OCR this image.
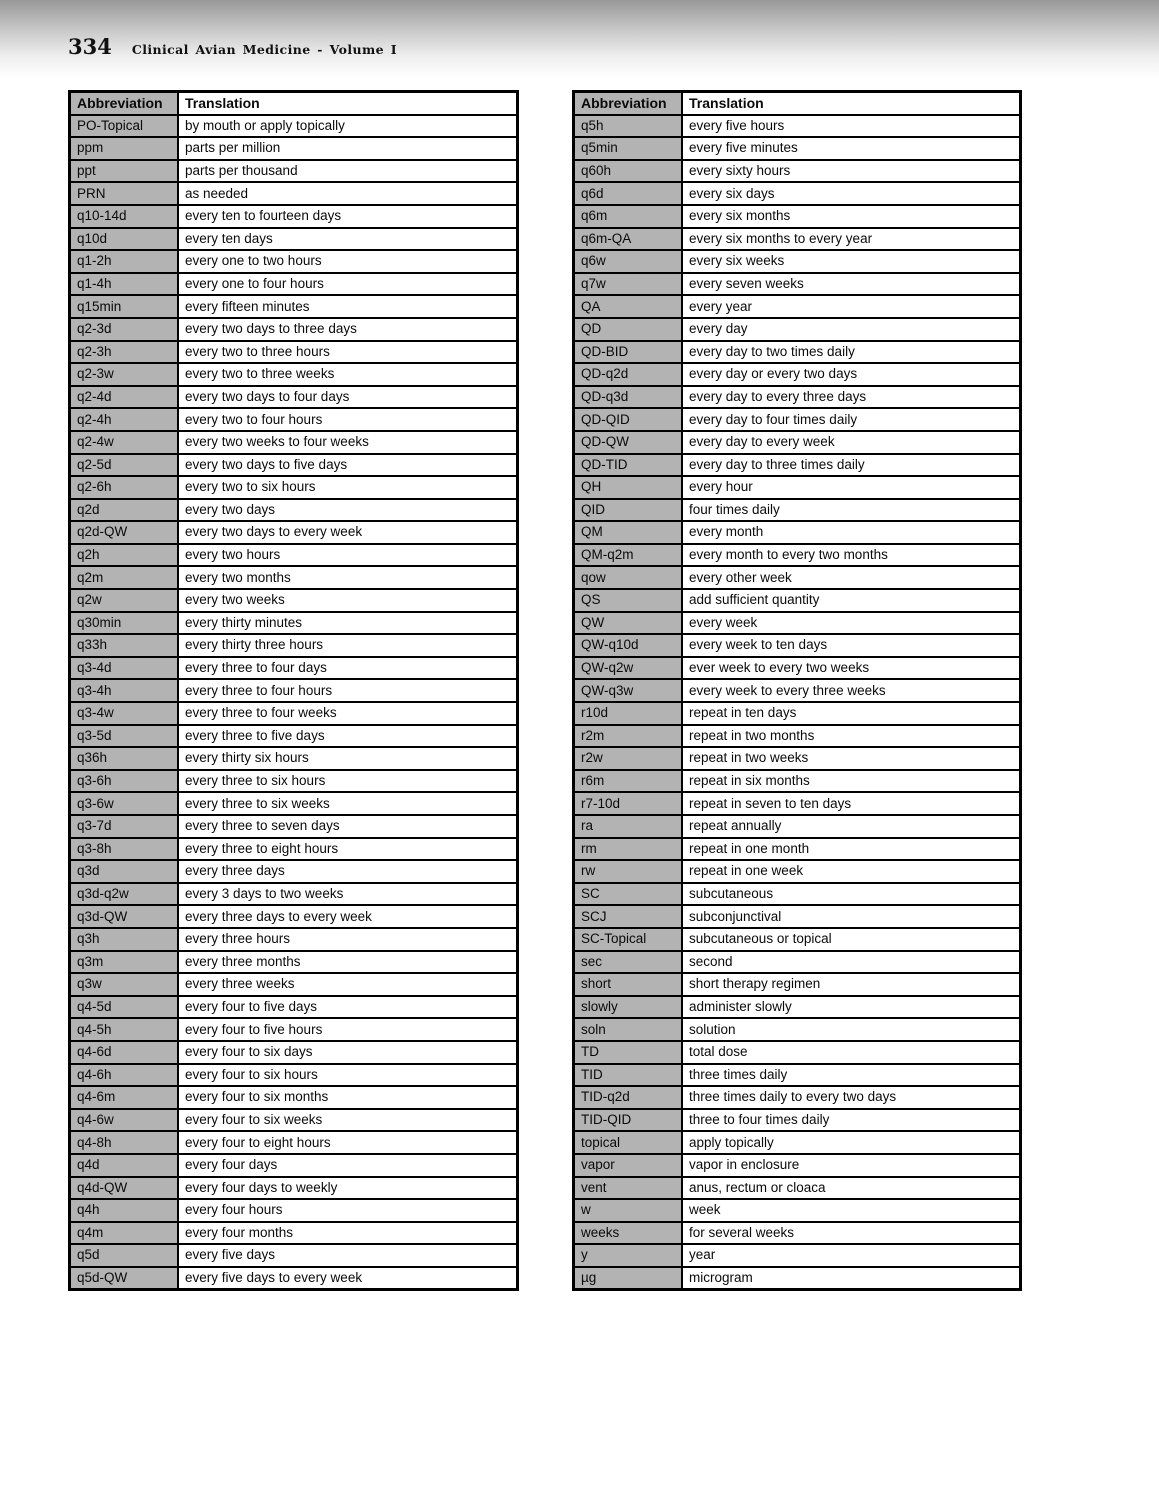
334 Clinical Avian Medicine - Volume I
Abbreviation	Translation
PO-Topical	by mouth or apply topically
ppm	parts per million
ppt	parts per thousand
PRN	as needed
q10-14d	every ten to fourteen days
q10d	every ten days
q1-2h	every one to two hours
q1-4h	every one to four hours
q15min	every fifteen minutes
q2-3d	every two days to three days
q2-3h	every two to three hours
q2-3w	every two to three weeks
q2-4d	every two days to four days
q2-4h	every two to four hours
q2-4w	every two weeks to four weeks
q2-5d	every two days to five days
q2-6h	every two to six hours
q2d	every two days
q2d-QW	every two days to every week
q2h	every two hours
q2m	every two months
q2w	every two weeks
q30min	every thirty minutes
q33h	every thirty three hours
q3-4d	every three to four days
q3-4h	every three to four hours
q3-4w	every three to four weeks
q3-5d	every three to five days
q36h	every thirty six hours
q3-6h	every three to six hours
q3-6w	every three to six weeks
q3-7d	every three to seven days
q3-8h	every three to eight hours
q3d	every three days
q3d-q2w	every 3 days to two weeks
q3d-QW	every three days to every week
q3h	every three hours
q3m	every three months
q3w	every three weeks
q4-5d	every four to five days
q4-5h	every four to five hours
q4-6d	every four to six days
q4-6h	every four to six hours
q4-6m	every four to six months
q4-6w	every four to six weeks
q4-8h	every four to eight hours
q4d	every four days
q4d-QW	every four days to weekly
q4h	every four hours
q4m	every four months
q5d	every five days
q5d-QW	every five days to every week
Abbreviation	Translation
q5h	every five hours
q5min	every five minutes
q60h	every sixty hours
q6d	every six days
q6m	every six months
q6m-QA	every six months to every year
q6w	every six weeks
q7w	every seven weeks
QA	every year
QD	every day
QD-BID	every day to two times daily
QD-q2d	every day or every two days
QD-q3d	every day to every three days
QD-QID	every day to four times daily
QD-QW	every day to every week
QD-TID	every day to three times daily
QH	every hour
QID	four times daily
QM	every month
QM-q2m	every month to every two months
qow	every other week
QS	add sufficient quantity
QW	every week
QW-q10d	every week to ten days
QW-q2w	ever week to every two weeks
QW-q3w	every week to every three weeks
r10d	repeat in ten days
r2m	repeat in two months
r2w	repeat in two weeks
r6m	repeat in six months
r7-10d	repeat in seven to ten days
ra	repeat annually
rm	repeat in one month
rw	repeat in one week
SC	subcutaneous
SCJ	subconjunctival
SC-Topical	subcutaneous or topical
sec	second
short	short therapy regimen
slowly	administer slowly
soln	solution
TD	total dose
TID	three times daily
TID-q2d	three times daily to every two days
TID-QID	three to four times daily
topical	apply topically
vapor	vapor in enclosure
vent	anus, rectum or cloaca
w	week
weeks	for several weeks
y	year
µg	microgram
